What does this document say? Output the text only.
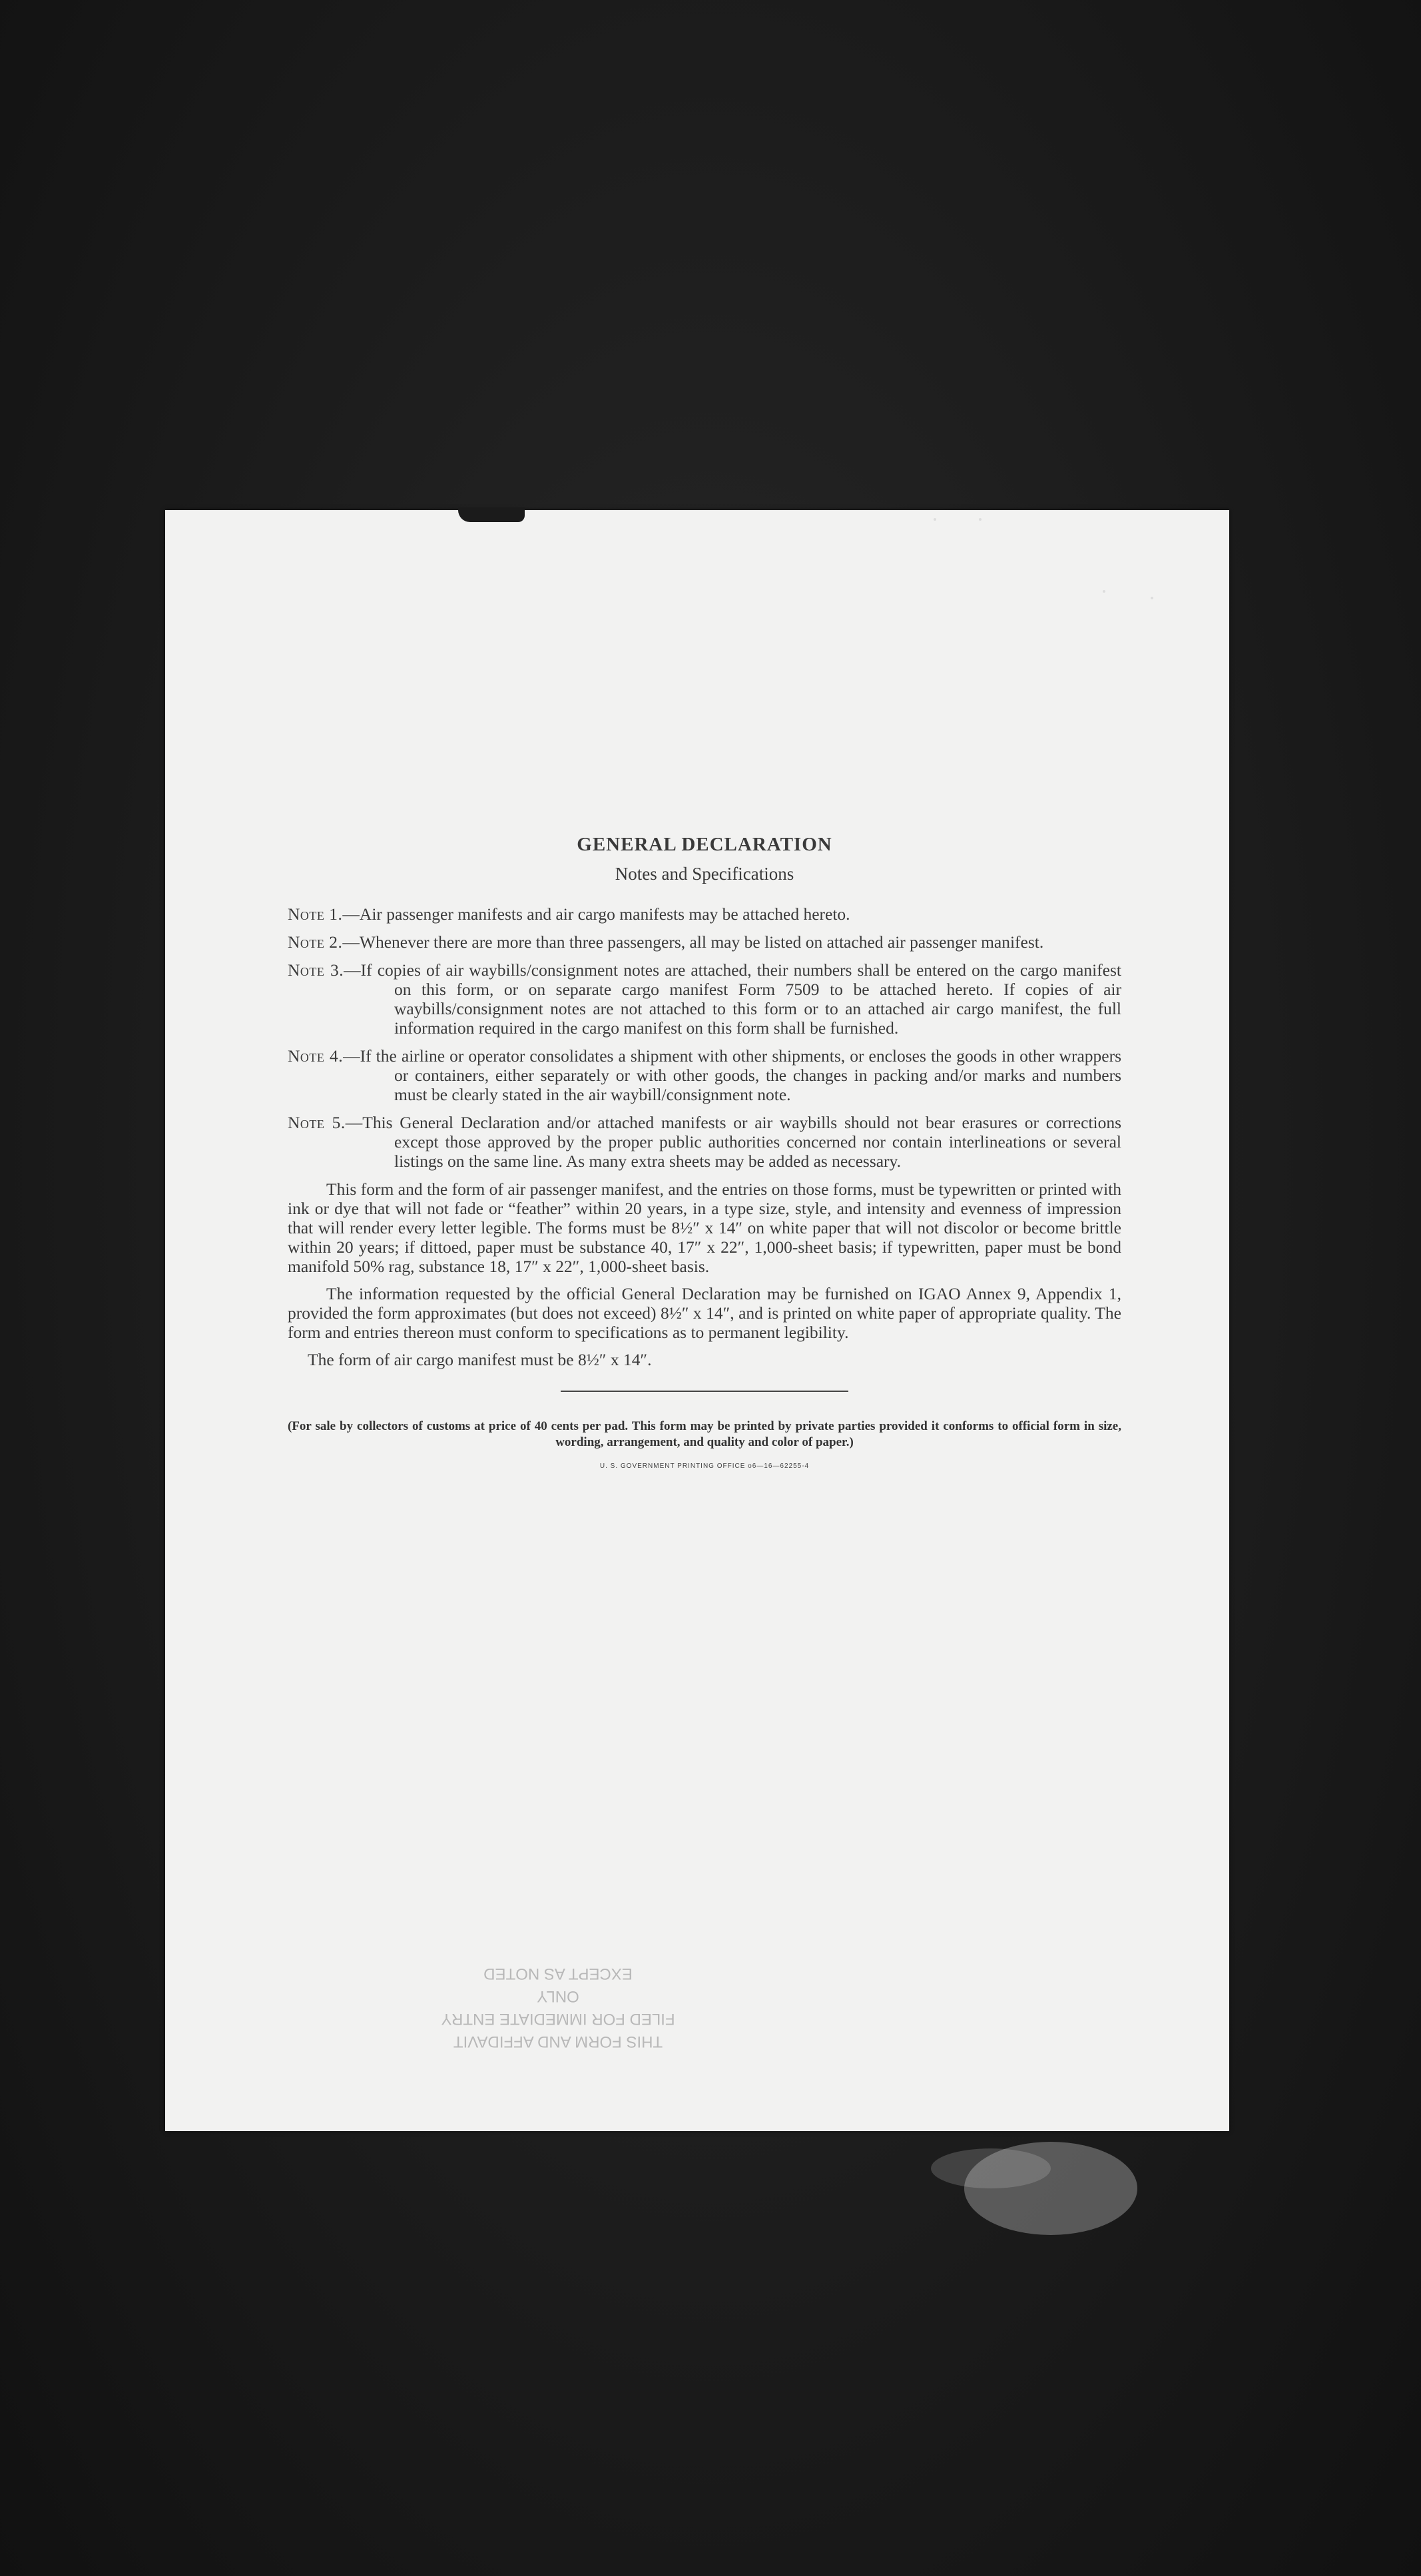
GENERAL DECLARATION

Notes and Specifications

Note 1.—Air passenger manifests and air cargo manifests may be attached hereto.

Note 2.—Whenever there are more than three passengers, all may be listed on attached air passenger manifest.

Note 3.—If copies of air waybills/consignment notes are attached, their numbers shall be entered on the cargo manifest on this form, or on separate cargo manifest Form 7509 to be attached hereto. If copies of air waybills/consignment notes are not attached to this form or to an attached air cargo manifest, the full information required in the cargo manifest on this form shall be furnished.

Note 4.—If the airline or operator consolidates a shipment with other shipments, or encloses the goods in other wrappers or containers, either separately or with other goods, the changes in packing and/or marks and numbers must be clearly stated in the air waybill/consignment note.

Note 5.—This General Declaration and/or attached manifests or air waybills should not bear erasures or corrections except those approved by the proper public authorities concerned nor contain interlineations or several listings on the same line. As many extra sheets may be added as necessary.

This form and the form of air passenger manifest, and the entries on those forms, must be typewritten or printed with ink or dye that will not fade or “feather” within 20 years, in a type size, style, and intensity and evenness of impression that will render every letter legible. The forms must be 8½″ x 14″ on white paper that will not discolor or become brittle within 20 years; if dittoed, paper must be substance 40, 17″ x 22″, 1,000-sheet basis; if typewritten, paper must be bond manifold 50% rag, substance 18, 17″ x 22″, 1,000-sheet basis.

The information requested by the official General Declaration may be furnished on IGAO Annex 9, Appendix 1, provided the form approximates (but does not exceed) 8½″ x 14″, and is printed on white paper of appropriate quality. The form and entries thereon must conform to specifications as to permanent legibility.

The form of air cargo manifest must be 8½″ x 14″.

(For sale by collectors of customs at price of 40 cents per pad. This form may be printed by private parties provided it conforms to official form in size, wording, arrangement, and quality and color of paper.)

U. S. GOVERNMENT PRINTING OFFICE o6—16—62255-4
THIS FORM AND AFFIDAVIT
FILED FOR IMMEDIATE ENTRY ONLY
EXCEPT AS NOTED
